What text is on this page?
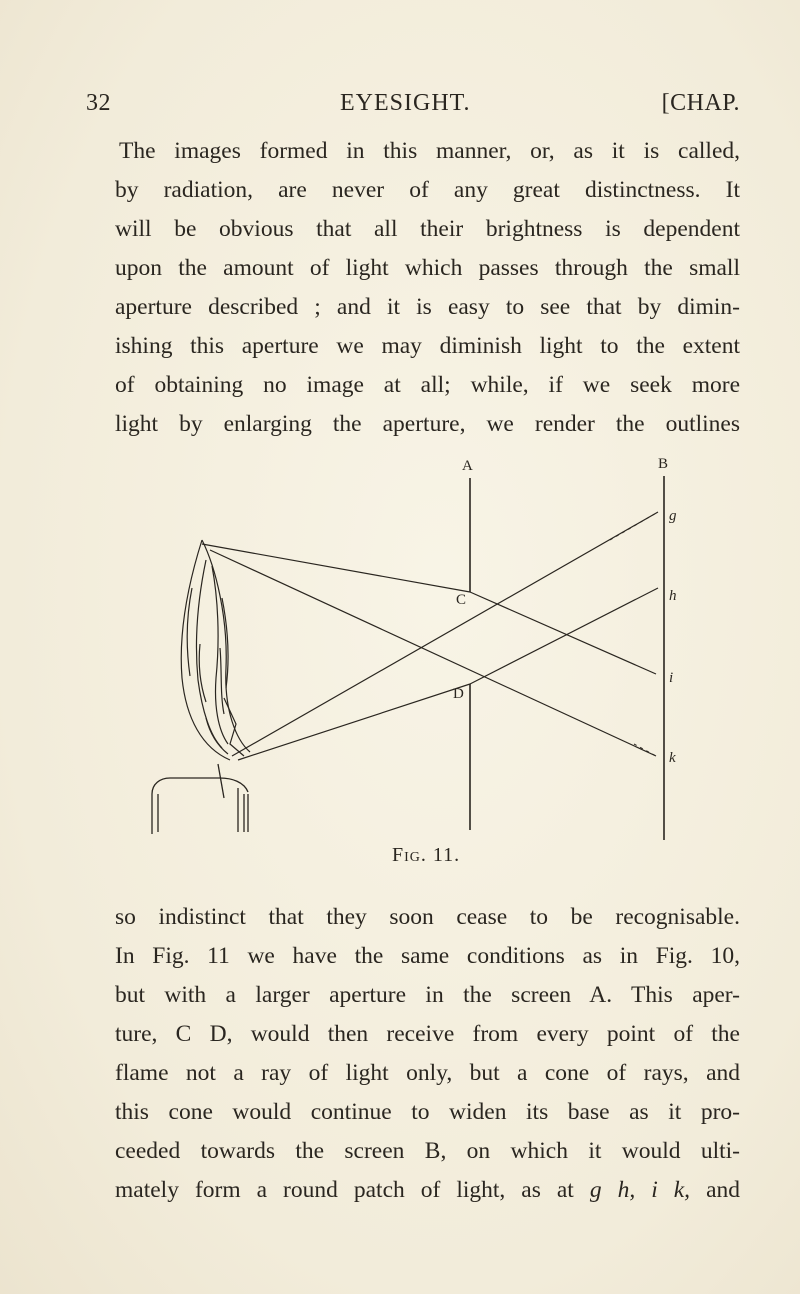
32	EYESIGHT.	[CHAP.
The images formed in this manner, or, as it is called,
by radiation, are never of any great distinctness. It
will be obvious that all their brightness is dependent
upon the amount of light which passes through the small
aperture described ; and it is easy to see that by dimin-
ishing this aperture we may diminish light to the extent
of obtaining no image at all; while, if we seek more
light by enlarging the aperture, we render the outlines
A	B
C
D
g
h
i
k
Fig. 11.
so indistinct that they soon cease to be recognisable.
In Fig. 11 we have the same conditions as in Fig. 10,
but with a larger aperture in the screen A. This aper-
ture, C D, would then receive from every point of the
flame not a ray of light only, but a cone of rays, and
this cone would continue to widen its base as it pro-
ceeded towards the screen B, on which it would ulti-
mately form a round patch of light, as at g h, i k, and
